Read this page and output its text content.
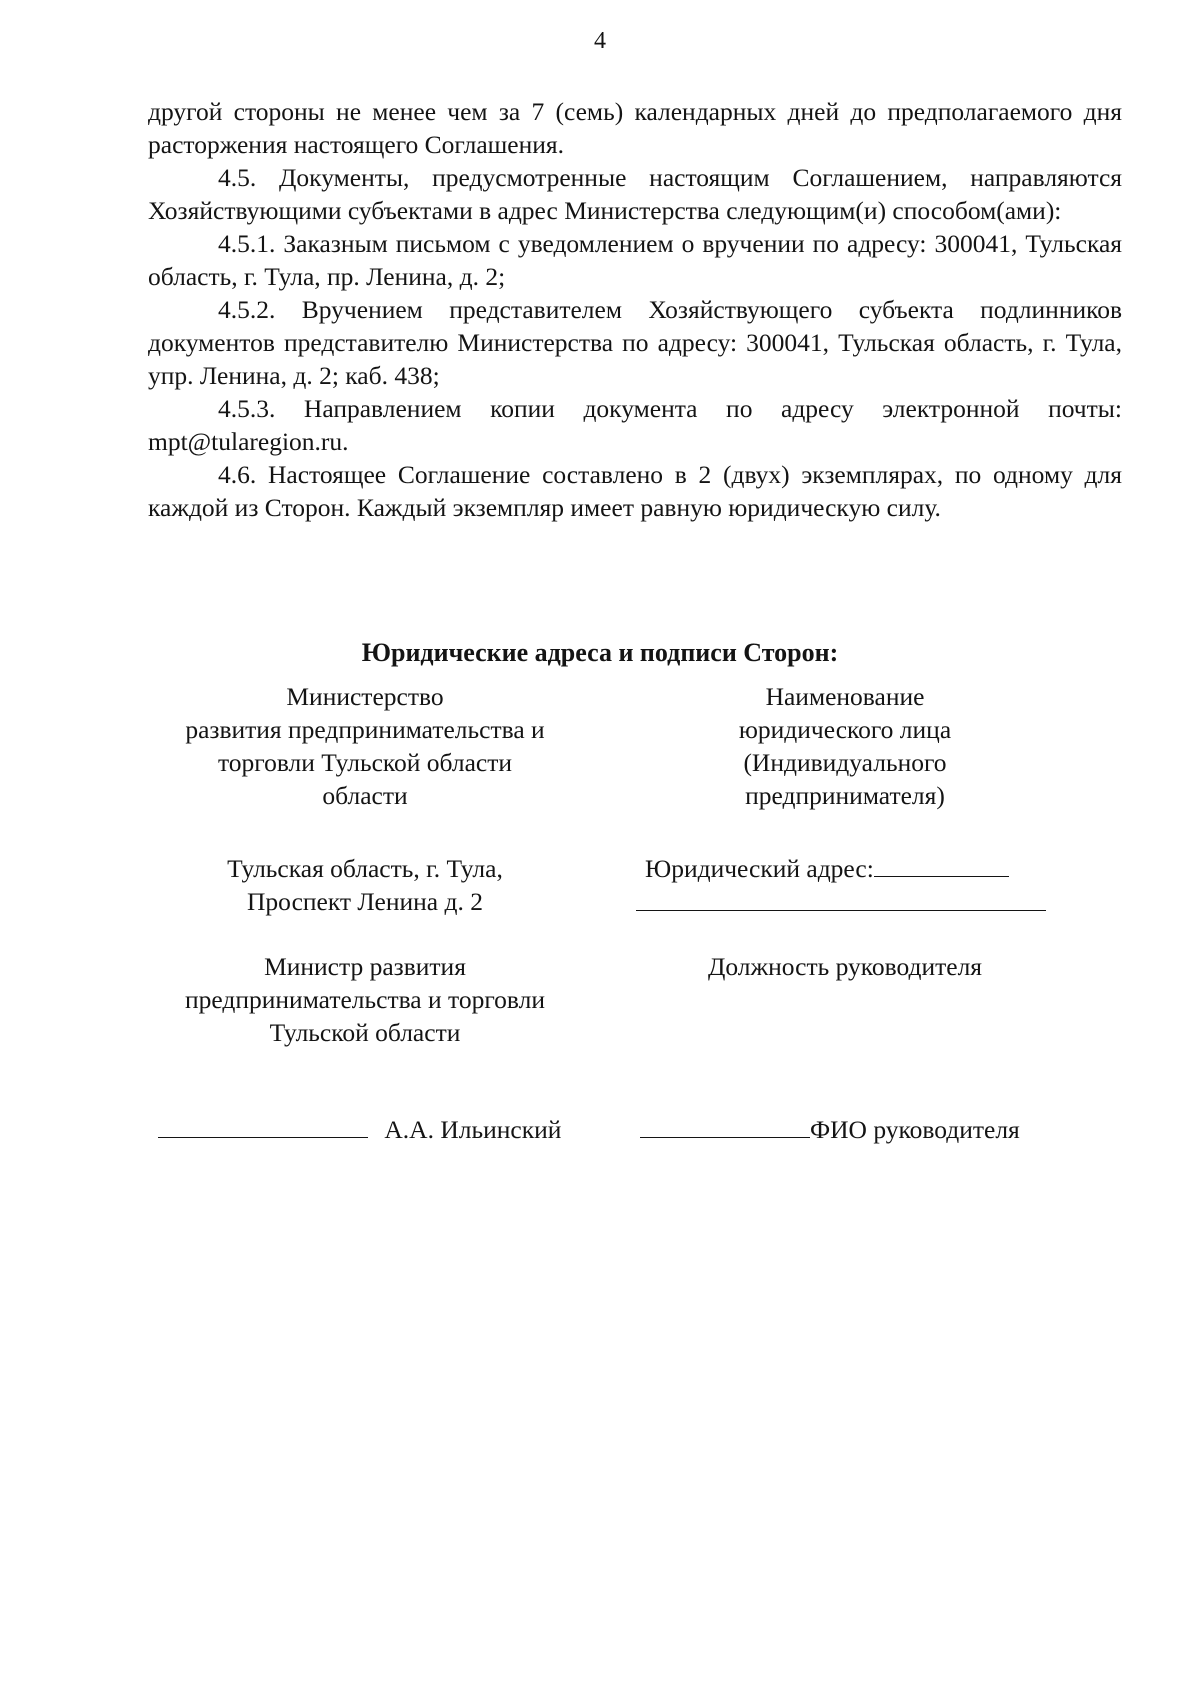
4

другой стороны не менее чем за 7 (семь) календарных дней до предполагаемого дня расторжения настоящего Соглашения.

4.5. Документы, предусмотренные настоящим Соглашением, направляются Хозяйствующими субъектами в адрес Министерства следующим(и) способом(ами):

4.5.1. Заказным письмом с уведомлением о вручении по адресу: 300041, Тульская область, г. Тула, пр. Ленина, д. 2;

4.5.2. Вручением представителем Хозяйствующего субъекта подлинников документов представителю Министерства по адресу: 300041, Тульская область, г. Тула, упр. Ленина, д. 2; каб. 438;

4.5.3. Направлением копии документа по адресу электронной почты: mpt@tularegion.ru.

4.6. Настоящее Соглашение составлено в 2 (двух) экземплярах, по одному для каждой из Сторон. Каждый экземпляр имеет равную юридическую силу.

Юридические адреса и подписи Сторон:
Министерство
развития предпринимательства и
торговли Тульской области
области
Тульская область, г. Тула,
Проспект Ленина д. 2
Министр развития
предпринимательства и торговли
Тульской области
А.А. Ильинский
Наименование
юридического лица
(Индивидуального
предпринимателя)
Юридический адрес:
Должность руководителя
ФИО руководителя
